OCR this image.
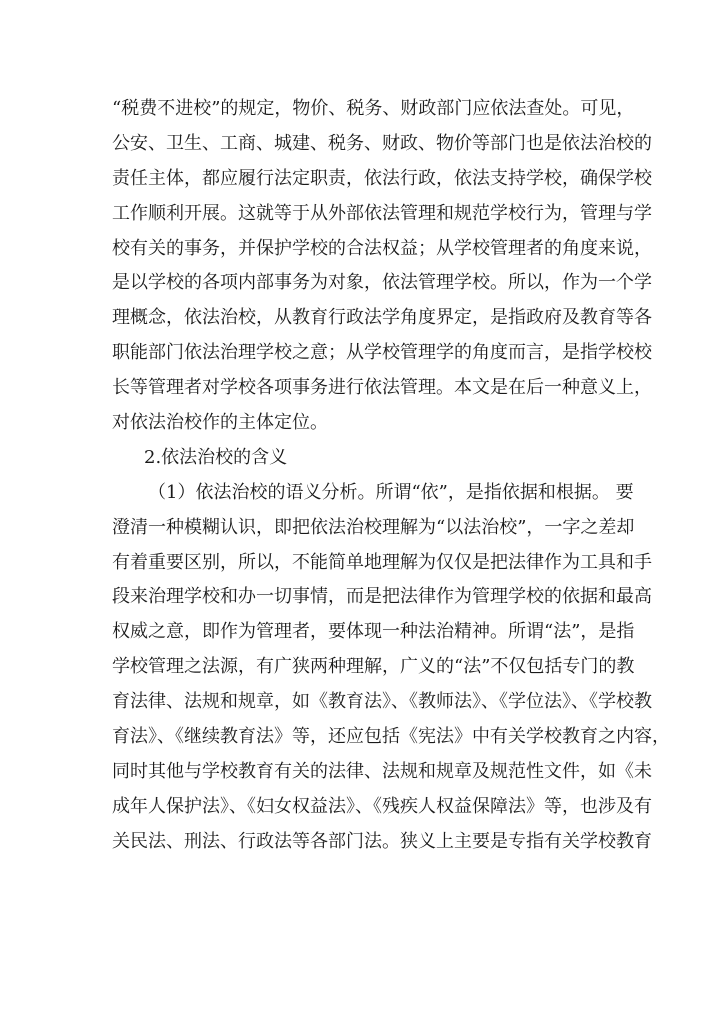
“税费不进校”的规定，物价、税务、财政部门应依法查处。可见，
公安、卫生、工商、城建、税务、财政、物价等部门也是依法治校的
责任主体，都应履行法定职责，依法行政，依法支持学校，确保学校
工作顺利开展。这就等于从外部依法管理和规范学校行为，管理与学
校有关的事务，并保护学校的合法权益；从学校管理者的角度来说，
是以学校的各项内部事务为对象，依法管理学校。所以，作为一个学
理概念，依法治校，从教育行政法学角度界定，是指政府及教育等各
职能部门依法治理学校之意；从学校管理学的角度而言，是指学校校
长等管理者对学校各项事务进行依法管理。本文是在后一种意义上，
对依法治校作的主体定位。
2.依法治校的含义
（1）依法治校的语义分析。所谓“依”，是指依据和根据。 要
澄清一种模糊认识，即把依法治校理解为“以法治校”，一字之差却
有着重要区别，所以，不能简单地理解为仅仅是把法律作为工具和手
段来治理学校和办一切事情，而是把法律作为管理学校的依据和最高
权威之意，即作为管理者，要体现一种法治精神。所谓“法”，是指
学校管理之法源，有广狭两种理解，广义的“法”不仅包括专门的教
育法律、法规和规章，如《教育法》、《教师法》、《学位法》、《学校教
育法》、《继续教育法》等，还应包括《宪法》中有关学校教育之内容，
同时其他与学校教育有关的法律、法规和规章及规范性文件，如《未
成年人保护法》、《妇女权益法》、《残疾人权益保障法》等，也涉及有
关民法、刑法、行政法等各部门法。狭义上主要是专指有关学校教育
